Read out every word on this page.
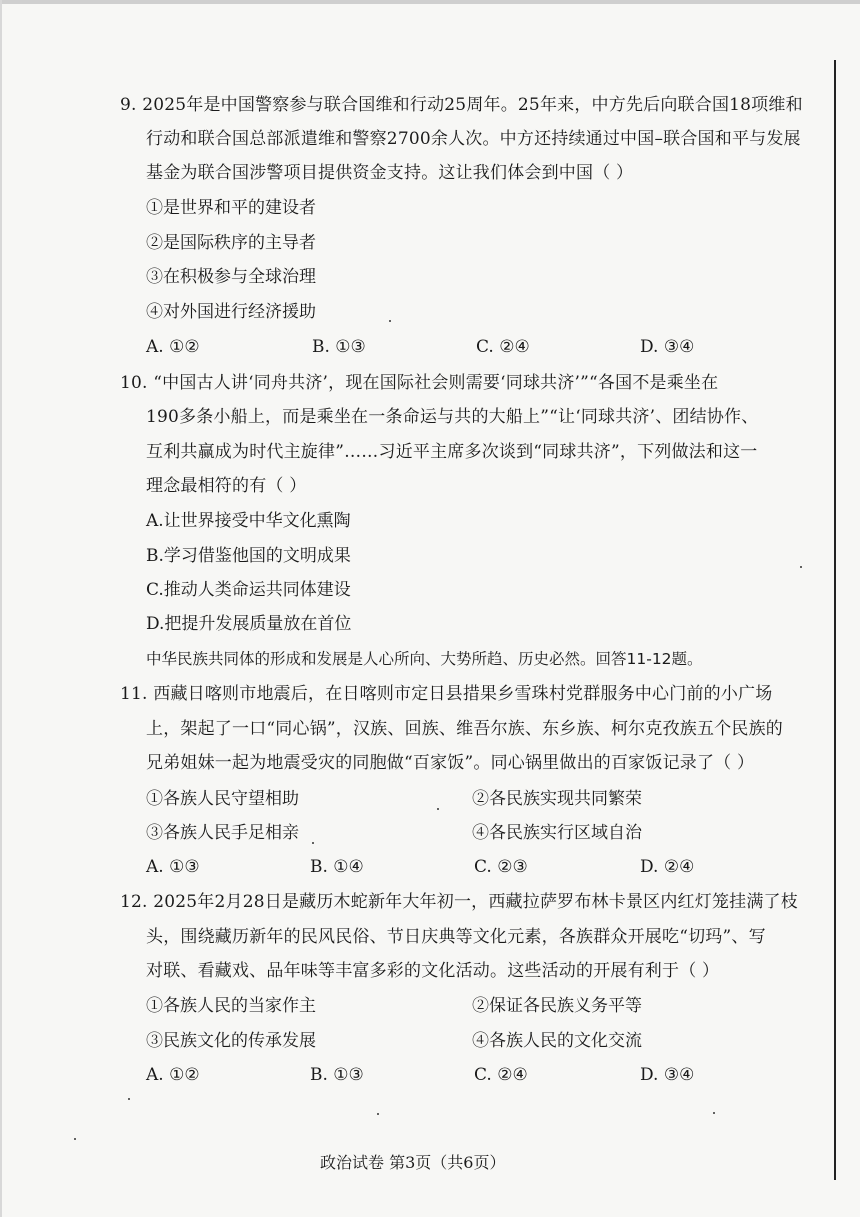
9. 2025年是中国警察参与联合国维和行动25周年。25年来，中方先后向联合国18项维和
行动和联合国总部派遣维和警察2700余人次。中方还持续通过中国–联合国和平与发展
基金为联合国涉警项目提供资金支持。这让我们体会到中国（ ）
①是世界和平的建设者
②是国际秩序的主导者
③在积极参与全球治理
④对外国进行经济援助
A. ①②	B. ①③	C. ②④	D. ③④
10. “中国古人讲‘同舟共济’，现在国际社会则需要‘同球共济’”“各国不是乘坐在
190多条小船上，而是乘坐在一条命运与共的大船上”“让‘同球共济’、团结协作、
互利共赢成为时代主旋律”……习近平主席多次谈到“同球共济”，下列做法和这一
理念最相符的有（ ）
A.让世界接受中华文化熏陶
B.学习借鉴他国的文明成果
C.推动人类命运共同体建设
D.把提升发展质量放在首位
中华民族共同体的形成和发展是人心所向、大势所趋、历史必然。回答11-12题。
11. 西藏日喀则市地震后，在日喀则市定日县措果乡雪珠村党群服务中心门前的小广场
上，架起了一口“同心锅”，汉族、回族、维吾尔族、东乡族、柯尔克孜族五个民族的
兄弟姐妹一起为地震受灾的同胞做“百家饭”。同心锅里做出的百家饭记录了（ ）
①各族人民守望相助	②各民族实现共同繁荣
③各族人民手足相亲	④各民族实行区域自治
A. ①③	B. ①④	C. ②③	D. ②④
12. 2025年2月28日是藏历木蛇新年大年初一，西藏拉萨罗布林卡景区内红灯笼挂满了枝
头，围绕藏历新年的民风民俗、节日庆典等文化元素，各族群众开展吃“切玛”、写
对联、看藏戏、品年味等丰富多彩的文化活动。这些活动的开展有利于（ ）
①各族人民的当家作主	②保证各民族义务平等
③民族文化的传承发展	④各族人民的文化交流
A. ①②	B. ①③	C. ②④	D. ③④
政治试卷 第3页（共6页）
